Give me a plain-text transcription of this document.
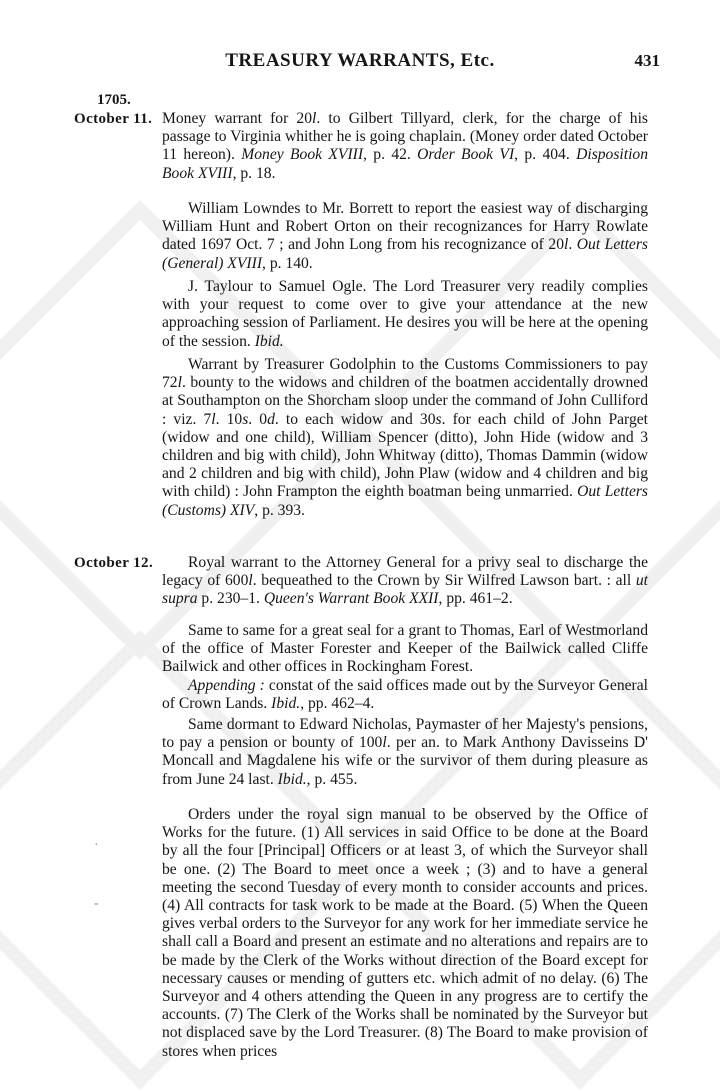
TREASURY WARRANTS, Etc.	431
1705.
October 11.
October 12.

Money warrant for 20l. to Gilbert Tillyard, clerk, for the charge of his passage to Virginia whither he is going chaplain. (Money order dated October 11 hereon). Money Book XVIII, p. 42. Order Book VI, p. 404. Disposition Book XVIII, p. 18.

William Lowndes to Mr. Borrett to report the easiest way of discharging William Hunt and Robert Orton on their recognizances for Harry Rowlate dated 1697 Oct. 7 ; and John Long from his recognizance of 20l. Out Letters (General) XVIII, p. 140.

J. Taylour to Samuel Ogle. The Lord Treasurer very readily complies with your request to come over to give your attendance at the new approaching session of Parliament. He desires you will be here at the opening of the session. Ibid.

Warrant by Treasurer Godolphin to the Customs Commissioners to pay 72l. bounty to the widows and children of the boatmen accidentally drowned at Southampton on the Shorcham sloop under the command of John Culliford : viz. 7l. 10s. 0d. to each widow and 30s. for each child of John Parget (widow and one child), William Spencer (ditto), John Hide (widow and 3 children and big with child), John Whitway (ditto), Thomas Dammin (widow and 2 children and big with child), John Plaw (widow and 4 children and big with child) : John Frampton the eighth boatman being unmarried. Out Letters (Customs) XIV, p. 393.

Royal warrant to the Attorney General for a privy seal to discharge the legacy of 600l. bequeathed to the Crown by Sir Wilfred Lawson bart. : all ut supra p. 230–1. Queen's Warrant Book XXII, pp. 461–2.

Same to same for a great seal for a grant to Thomas, Earl of Westmorland of the office of Master Forester and Keeper of the Bailwick called Cliffe Bailwick and other offices in Rockingham Forest.

Appending : constat of the said offices made out by the Surveyor General of Crown Lands. Ibid., pp. 462–4.

Same dormant to Edward Nicholas, Paymaster of her Majesty's pensions, to pay a pension or bounty of 100l. per an. to Mark Anthony Davisseins D' Moncall and Magdalene his wife or the survivor of them during pleasure as from June 24 last. Ibid., p. 455.

Orders under the royal sign manual to be observed by the Office of Works for the future. (1) All services in said Office to be done at the Board by all the four [Principal] Officers or at least 3, of which the Surveyor shall be one. (2) The Board to meet once a week ; (3) and to have a general meeting the second Tuesday of every month to consider accounts and prices. (4) All contracts for task work to be made at the Board. (5) When the Queen gives verbal orders to the Surveyor for any work for her immediate service he shall call a Board and present an estimate and no alterations and repairs are to be made by the Clerk of the Works without direction of the Board except for necessary causes or mending of gutters etc. which admit of no delay. (6) The Surveyor and 4 others attending the Queen in any progress are to certify the accounts. (7) The Clerk of the Works shall be nominated by the Surveyor but not displaced save by the Lord Treasurer. (8) The Board to make provision of stores when prices

·
-
